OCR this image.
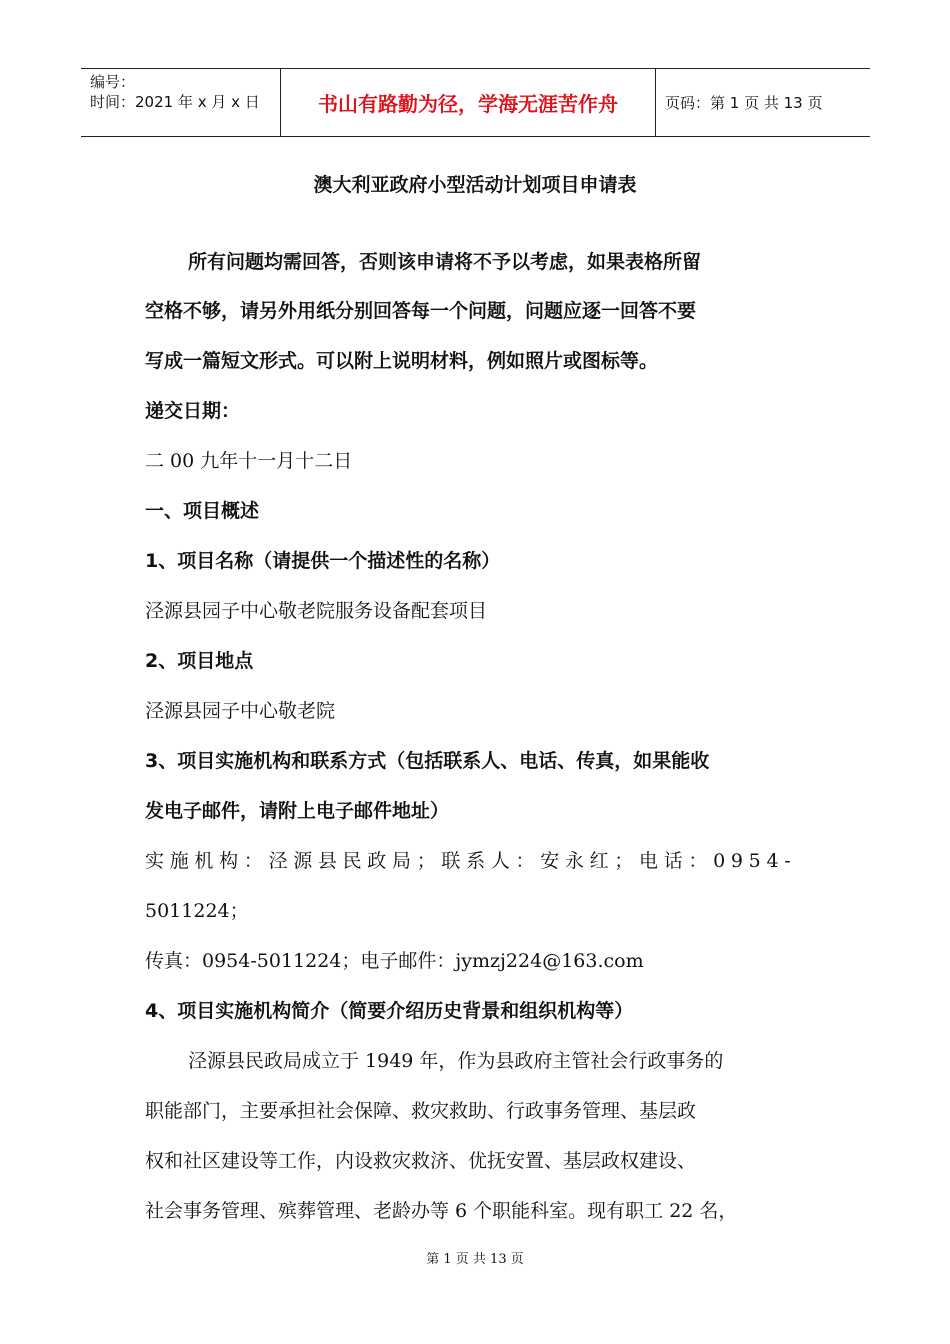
编号：
时间：2021 年 x 月 x 日	书山有路勤为径，学海无涯苦作舟	页码：第 1 页 共 13 页
澳大利亚政府小型活动计划项目申请表
所有问题均需回答，否则该申请将不予以考虑，如果表格所留
空格不够，请另外用纸分别回答每一个问题，问题应逐一回答不要
写成一篇短文形式。可以附上说明材料，例如照片或图标等。
递交日期：
二 00 九年十一月十二日
一、项目概述
1、项目名称（请提供一个描述性的名称）
泾源县园子中心敬老院服务设备配套项目
2、项目地点
泾源县园子中心敬老院
3、项目实施机构和联系方式（包括联系人、电话、传真，如果能收
发电子邮件，请附上电子邮件地址）
实施机构：泾源县民政局；联系人：安永红；电话：0954-
5011224；
传真：0954-5011224；电子邮件：jymzj224@163.com
4、项目实施机构简介（简要介绍历史背景和组织机构等）
泾源县民政局成立于 1949 年，作为县政府主管社会行政事务的
职能部门，主要承担社会保障、救灾救助、行政事务管理、基层政
权和社区建设等工作，内设救灾救济、优抚安置、基层政权建设、
社会事务管理、殡葬管理、老龄办等 6 个职能科室。现有职工 22 名，
第 1 页 共 13 页
